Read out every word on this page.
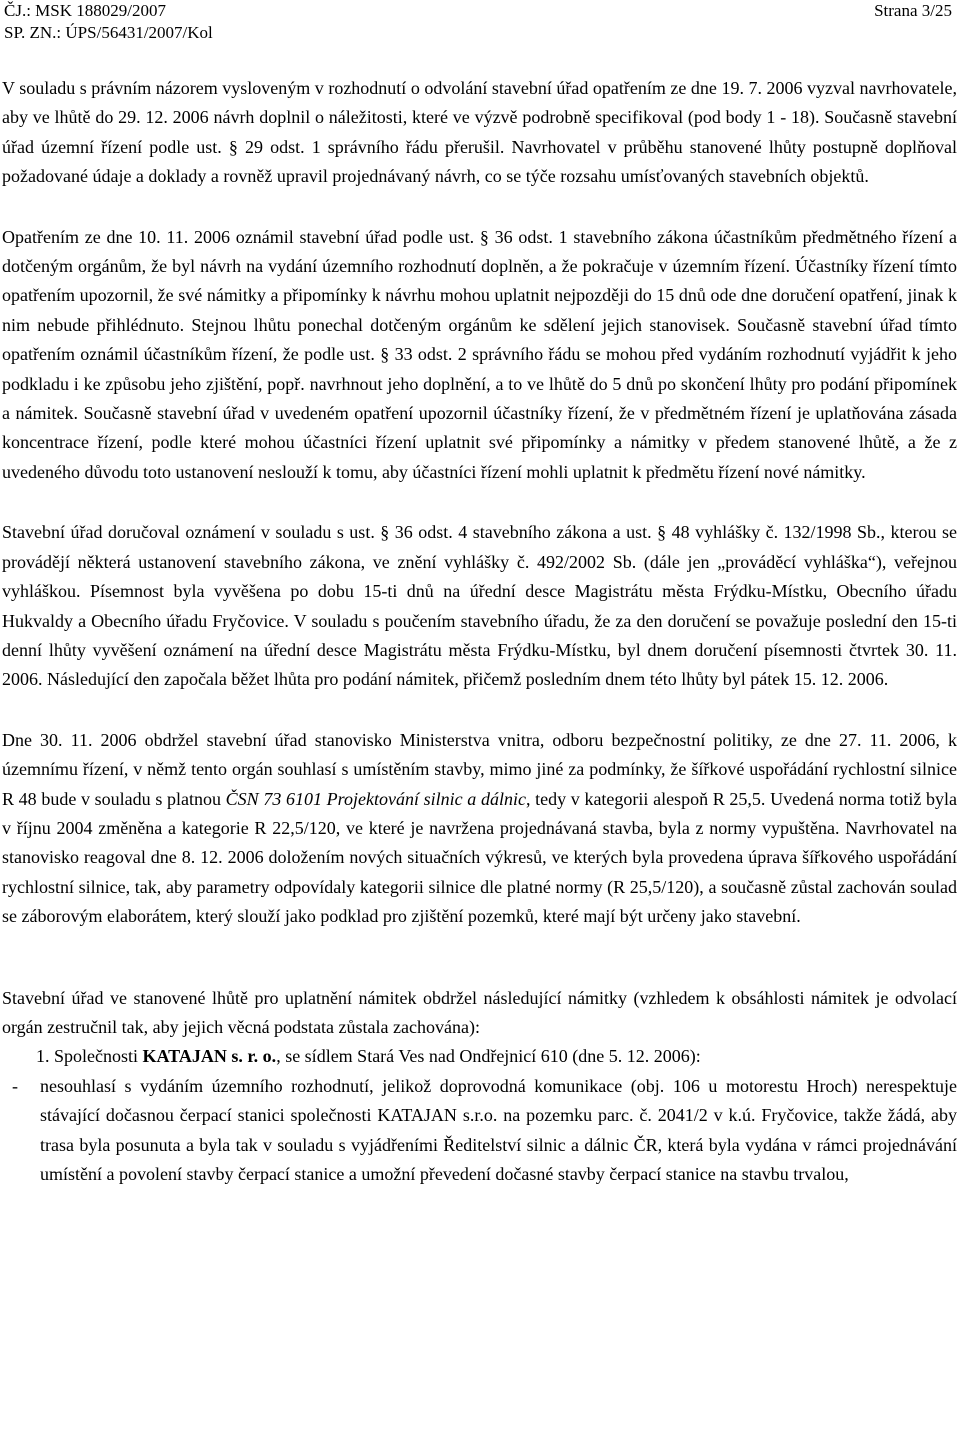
ČJ.: MSK 188029/2007
SP. ZN.: ÚPS/56431/2007/Kol
Strana 3/25

V souladu s právním názorem vysloveným v rozhodnutí o odvolání stavební úřad opatřením ze dne 19. 7. 2006 vyzval navrhovatele, aby ve lhůtě do 29. 12. 2006 návrh doplnil o náležitosti, které ve výzvě podrobně specifikoval (pod body 1 - 18). Současně stavební úřad územní řízení podle ust. § 29 odst. 1 správního řádu přerušil. Navrhovatel v průběhu stanovené lhůty postupně doplňoval požadované údaje a doklady a rovněž upravil projednávaný návrh, co se týče rozsahu umísťovaných stavebních objektů.

Opatřením ze dne 10. 11. 2006 oznámil stavební úřad podle ust. § 36 odst. 1 stavebního zákona účastníkům předmětného řízení a dotčeným orgánům, že byl návrh na vydání územního rozhodnutí doplněn, a že pokračuje v územním řízení. Účastníky řízení tímto opatřením upozornil, že své námitky a připomínky k návrhu mohou uplatnit nejpozději do 15 dnů ode dne doručení opatření, jinak k nim nebude přihlédnuto. Stejnou lhůtu ponechal dotčeným orgánům ke sdělení jejich stanovisek. Současně stavební úřad tímto opatřením oznámil účastníkům řízení, že podle ust. § 33 odst. 2 správního řádu se mohou před vydáním rozhodnutí vyjádřit k jeho podkladu i ke způsobu jeho zjištění, popř. navrhnout jeho doplnění, a to ve lhůtě do 5 dnů po skončení lhůty pro podání připomínek a námitek. Současně stavební úřad v uvedeném opatření upozornil účastníky řízení, že v předmětném řízení je uplatňována zásada koncentrace řízení, podle které mohou účastníci řízení uplatnit své připomínky a námitky v předem stanovené lhůtě, a že z uvedeného důvodu toto ustanovení neslouží k tomu, aby účastníci řízení mohli uplatnit k předmětu řízení nové námitky.

Stavební úřad doručoval oznámení v souladu s ust. § 36 odst. 4 stavebního zákona a ust. § 48 vyhlášky č. 132/1998 Sb., kterou se provádějí některá ustanovení stavebního zákona, ve znění vyhlášky č. 492/2002 Sb. (dále jen „prováděcí vyhláška“), veřejnou vyhláškou. Písemnost byla vyvěšena po dobu 15-ti dnů na úřední desce Magistrátu města Frýdku-Místku, Obecního úřadu Hukvaldy a Obecního úřadu Fryčovice. V souladu s poučením stavebního úřadu, že za den doručení se považuje poslední den 15-ti denní lhůty vyvěšení oznámení na úřední desce Magistrátu města Frýdku-Místku, byl dnem doručení písemnosti čtvrtek 30. 11. 2006. Následující den započala běžet lhůta pro podání námitek, přičemž posledním dnem této lhůty byl pátek 15. 12. 2006.

Dne 30. 11. 2006 obdržel stavební úřad stanovisko Ministerstva vnitra, odboru bezpečnostní politiky, ze dne 27. 11. 2006, k územnímu řízení, v němž tento orgán souhlasí s umístěním stavby, mimo jiné za podmínky, že šířkové uspořádání rychlostní silnice R 48 bude v souladu s platnou ČSN 73 6101 Projektování silnic a dálnic, tedy v kategorii alespoň R 25,5. Uvedená norma totiž byla v říjnu 2004 změněna a kategorie R 22,5/120, ve které je navržena projednávaná stavba, byla z normy vypuštěna. Navrhovatel na stanovisko reagoval dne 8. 12. 2006 doložením nových situačních výkresů, ve kterých byla provedena úprava šířkového uspořádání rychlostní silnice, tak, aby parametry odpovídaly kategorii silnice dle platné normy (R 25,5/120), a současně zůstal zachován soulad se záborovým elaborátem, který slouží jako podklad pro zjištění pozemků, které mají být určeny jako stavební.

Stavební úřad ve stanovené lhůtě pro uplatnění námitek obdržel následující námitky (vzhledem k obsáhlosti námitek je odvolací orgán zestručnil tak, aby jejich věcná podstata zůstala zachována):

1. Společnosti KATAJAN s. r. o., se sídlem Stará Ves nad Ondřejnicí 610 (dne 5. 12. 2006):
-	nesouhlasí s vydáním územního rozhodnutí, jelikož doprovodná komunikace (obj. 106 u motorestu Hroch) nerespektuje stávající dočasnou čerpací stanici společnosti KATAJAN s.r.o. na pozemku parc. č. 2041/2 v k.ú. Fryčovice, takže žádá, aby trasa byla posunuta a byla tak v souladu s vyjádřeními Ředitelství silnic a dálnic ČR, která byla vydána v rámci projednávání umístění a povolení stavby čerpací stanice a umožní převedení dočasné stavby čerpací stanice na stavbu trvalou,
